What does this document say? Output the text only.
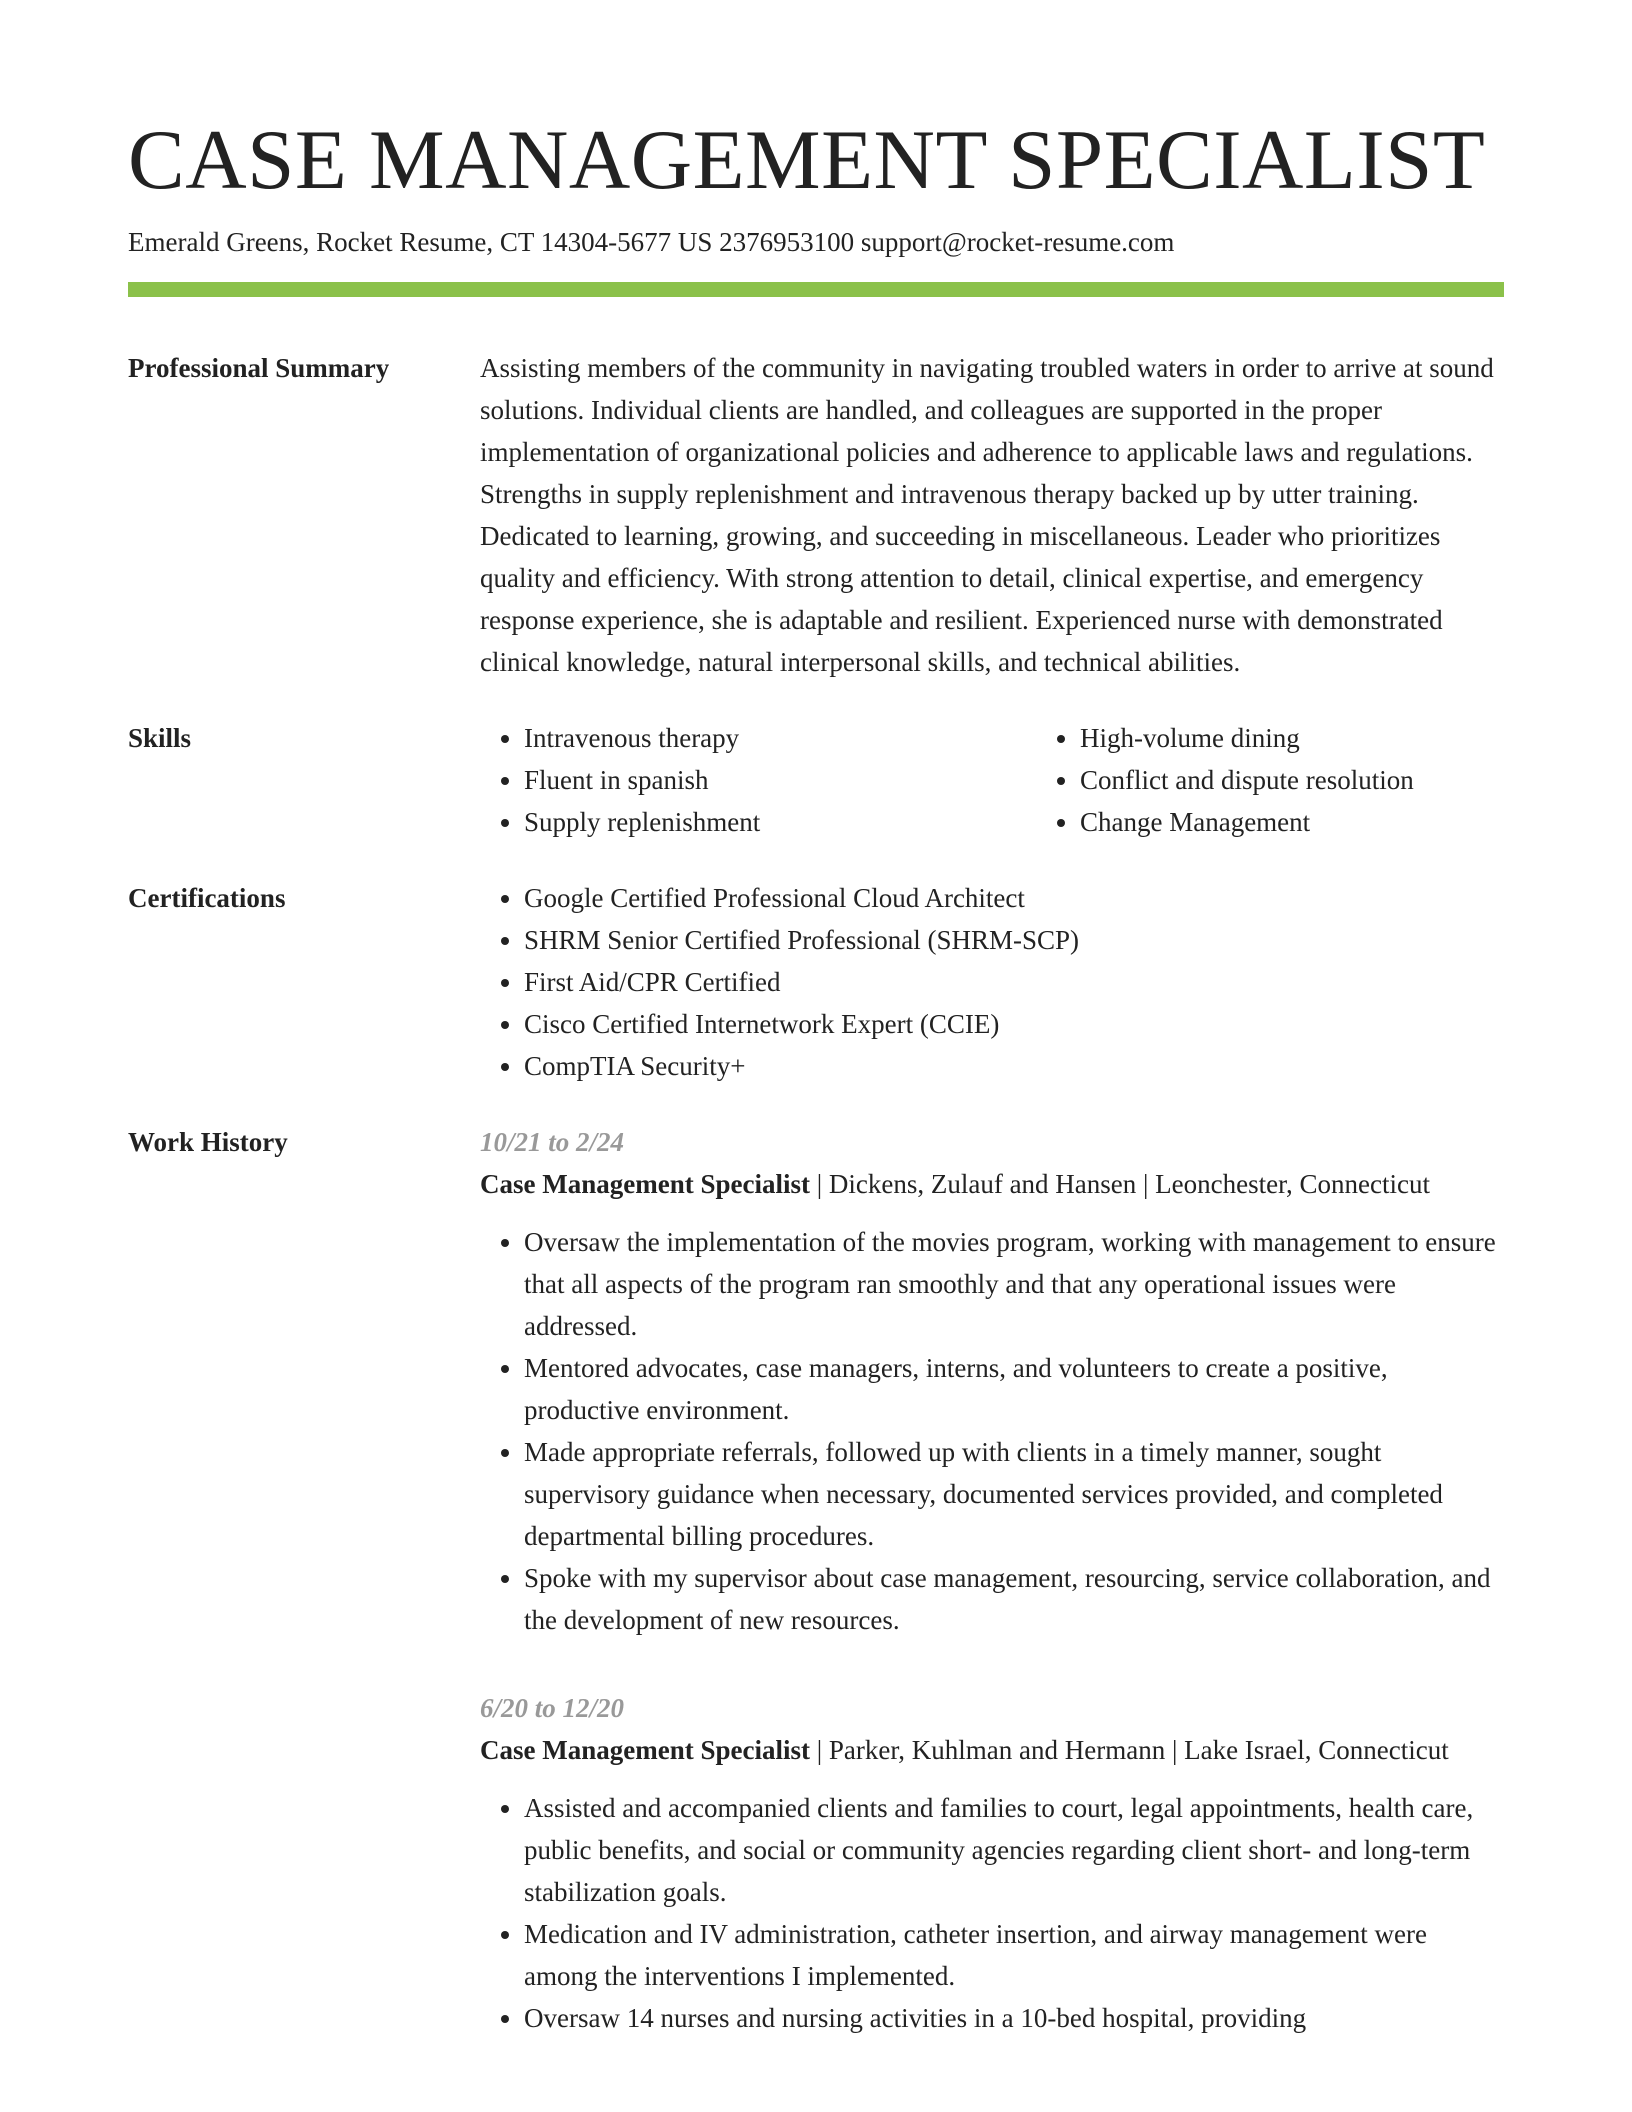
CASE MANAGEMENT SPECIALIST
Emerald Greens, Rocket Resume, CT 14304-5677 US 2376953100 support@rocket-resume.com
Professional Summary	Assisting members of the community in navigating troubled waters in order to arrive at sound solutions. Individual clients are handled, and colleagues are supported in the proper implementation of organizational policies and adherence to applicable laws and regulations. Strengths in supply replenishment and intravenous therapy backed up by utter training. Dedicated to learning, growing, and succeeding in miscellaneous. Leader who prioritizes quality and efficiency. With strong attention to detail, clinical expertise, and emergency response experience, she is adaptable and resilient. Experienced nurse with demonstrated clinical knowledge, natural interpersonal skills, and technical abilities.

Skills	• Intravenous therapy
• Fluent in spanish
• Supply replenishment
• High-volume dining
• Conflict and dispute resolution
• Change Management
Certifications	• Google Certified Professional Cloud Architect
• SHRM Senior Certified Professional (SHRM-SCP)
• First Aid/CPR Certified
• Cisco Certified Internetwork Expert (CCIE)
• CompTIA Security+
Work History	10/21 to 2/24
Case Management Specialist | Dickens, Zulauf and Hansen | Leonchester, Connecticut
• Oversaw the implementation of the movies program, working with management to ensure that all aspects of the program ran smoothly and that any operational issues were addressed.
• Mentored advocates, case managers, interns, and volunteers to create a positive, productive environment.
• Made appropriate referrals, followed up with clients in a timely manner, sought supervisory guidance when necessary, documented services provided, and completed departmental billing procedures.
• Spoke with my supervisor about case management, resourcing, service collaboration, and the development of new resources.
6/20 to 12/20
Case Management Specialist | Parker, Kuhlman and Hermann | Lake Israel, Connecticut
• Assisted and accompanied clients and families to court, legal appointments, health care, public benefits, and social or community agencies regarding client short- and long-term stabilization goals.
• Medication and IV administration, catheter insertion, and airway management were among the interventions I implemented.
• Oversaw 14 nurses and nursing activities in a 10-bed hospital, providing
